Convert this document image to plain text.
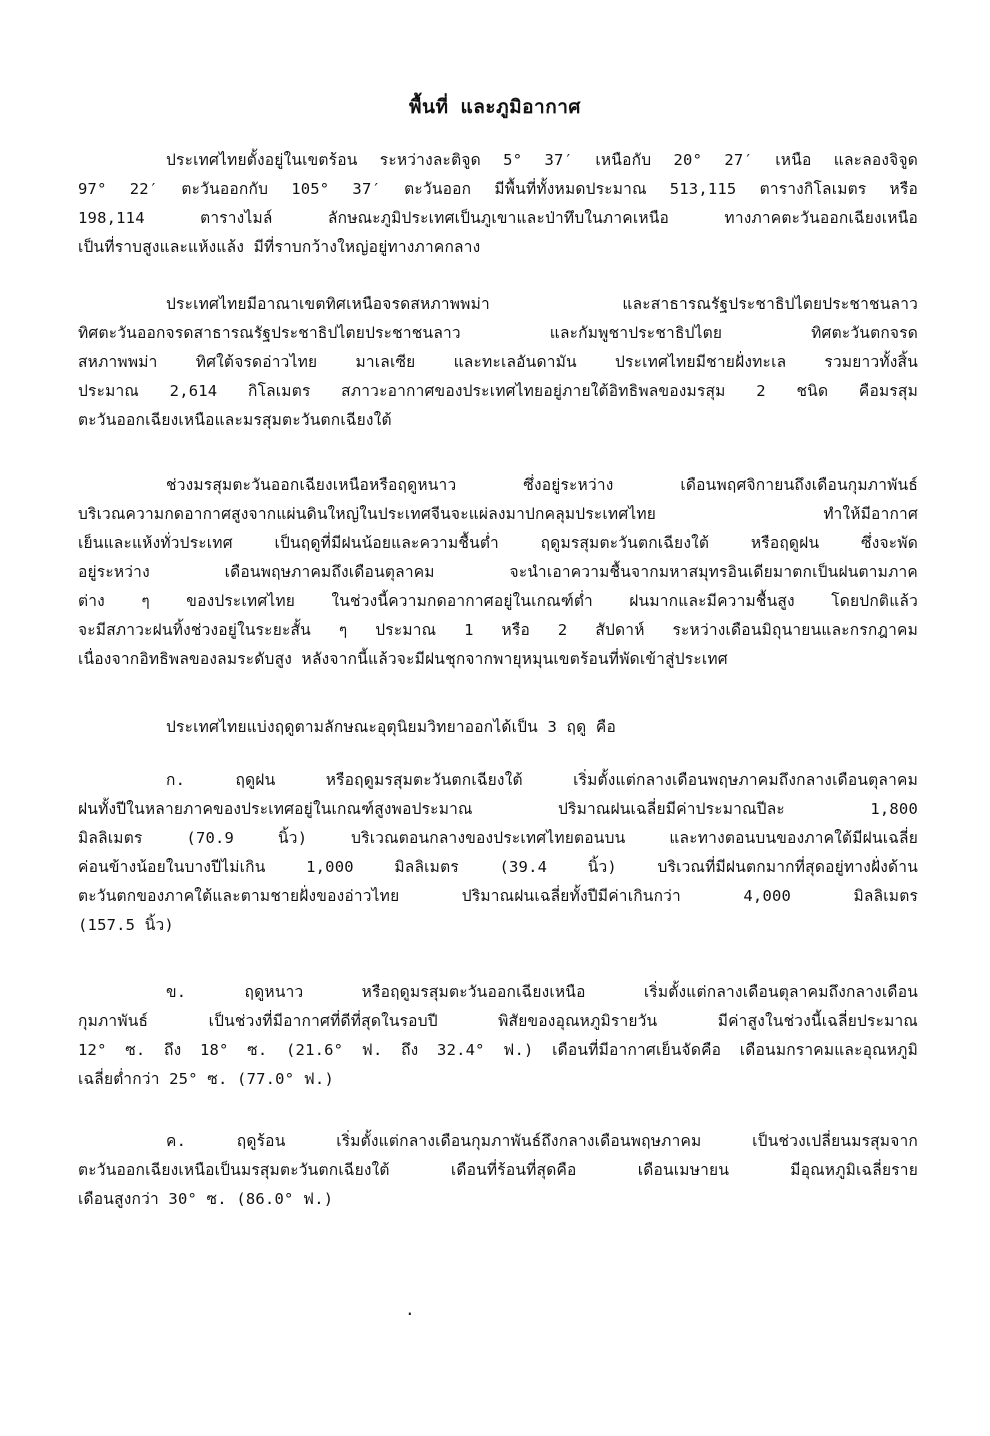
พื้นที่ และภูมิอากาศ
ประเทศไทยตั้งอยู่ในเขตร้อน ระหว่างละติจูด 5° 37′ เหนือกับ 20° 27′ เหนือ และลองจิจูด
97° 22′ ตะวันออกกับ 105° 37′ ตะวันออก มีพื้นที่ทั้งหมดประมาณ 513,115 ตารางกิโลเมตร หรือ
198,114 ตารางไมล์ ลักษณะภูมิประเทศเป็นภูเขาและป่าทึบในภาคเหนือ ทางภาคตะวันออกเฉียงเหนือ
เป็นที่ราบสูงและแห้งแล้ง มีที่ราบกว้างใหญ่อยู่ทางภาคกลาง
ประเทศไทยมีอาณาเขตทิศเหนือจรดสหภาพพม่า และสาธารณรัฐประชาธิปไตยประชาชนลาว
ทิศตะวันออกจรดสาธารณรัฐประชาธิปไตยประชาชนลาว และกัมพูชาประชาธิปไตย ทิศตะวันตกจรด
สหภาพพม่า ทิศใต้จรดอ่าวไทย มาเลเซีย และทะเลอันดามัน ประเทศไทยมีชายฝั่งทะเล รวมยาวทั้งสิ้น
ประมาณ 2,614 กิโลเมตร สภาวะอากาศของประเทศไทยอยู่ภายใต้อิทธิพลของมรสุม 2 ชนิด คือมรสุม
ตะวันออกเฉียงเหนือและมรสุมตะวันตกเฉียงใต้
ช่วงมรสุมตะวันออกเฉียงเหนือหรือฤดูหนาว ซึ่งอยู่ระหว่าง เดือนพฤศจิกายนถึงเดือนกุมภาพันธ์
บริเวณความกดอากาศสูงจากแผ่นดินใหญ่ในประเทศจีนจะแผ่ลงมาปกคลุมประเทศไทย ทำให้มีอากาศ
เย็นและแห้งทั่วประเทศ เป็นฤดูที่มีฝนน้อยและความชื้นต่ำ ฤดูมรสุมตะวันตกเฉียงใต้ หรือฤดูฝน ซึ่งจะพัด
อยู่ระหว่าง เดือนพฤษภาคมถึงเดือนตุลาคม จะนำเอาความชื้นจากมหาสมุทรอินเดียมาตกเป็นฝนตามภาค
ต่าง ๆ ของประเทศไทย ในช่วงนี้ความกดอากาศอยู่ในเกณฑ์ต่ำ ฝนมากและมีความชื้นสูง โดยปกติแล้ว
จะมีสภาวะฝนทิ้งช่วงอยู่ในระยะสั้น ๆ ประมาณ 1 หรือ 2 สัปดาห์ ระหว่างเดือนมิถุนายนและกรกฎาคม
เนื่องจากอิทธิพลของลมระดับสูง หลังจากนี้แล้วจะมีฝนชุกจากพายุหมุนเขตร้อนที่พัดเข้าสู่ประเทศ
ประเทศไทยแบ่งฤดูตามลักษณะอุตุนิยมวิทยาออกได้เป็น 3 ฤดู คือ
ก. ฤดูฝน หรือฤดูมรสุมตะวันตกเฉียงใต้ เริ่มตั้งแต่กลางเดือนพฤษภาคมถึงกลางเดือนตุลาคม
ฝนทั้งปีในหลายภาคของประเทศอยู่ในเกณฑ์สูงพอประมาณ ปริมาณฝนเฉลี่ยมีค่าประมาณปีละ 1,800
มิลลิเมตร (70.9 นิ้ว) บริเวณตอนกลางของประเทศไทยตอนบน และทางตอนบนของภาคใต้มีฝนเฉลี่ย
ค่อนข้างน้อยในบางปีไม่เกิน 1,000 มิลลิเมตร (39.4 นิ้ว) บริเวณที่มีฝนตกมากที่สุดอยู่ทางฝั่งด้าน
ตะวันตกของภาคใต้และตามชายฝั่งของอ่าวไทย ปริมาณฝนเฉลี่ยทั้งปีมีค่าเกินกว่า 4,000 มิลลิเมตร
(157.5 นิ้ว)
ข. ฤดูหนาว หรือฤดูมรสุมตะวันออกเฉียงเหนือ เริ่มตั้งแต่กลางเดือนตุลาคมถึงกลางเดือน
กุมภาพันธ์ เป็นช่วงที่มีอากาศที่ดีที่สุดในรอบปี พิสัยของอุณหภูมิรายวัน มีค่าสูงในช่วงนี้เฉลี่ยประมาณ
12° ซ. ถึง 18° ซ. (21.6° ฟ. ถึง 32.4° ฟ.) เดือนที่มีอากาศเย็นจัดคือ เดือนมกราคมและอุณหภูมิ
เฉลี่ยต่ำกว่า 25° ซ. (77.0° ฟ.)
ค. ฤดูร้อน เริ่มตั้งแต่กลางเดือนกุมภาพันธ์ถึงกลางเดือนพฤษภาคม เป็นช่วงเปลี่ยนมรสุมจาก
ตะวันออกเฉียงเหนือเป็นมรสุมตะวันตกเฉียงใต้ เดือนที่ร้อนที่สุดคือ เดือนเมษายน มีอุณหภูมิเฉลี่ยราย
เดือนสูงกว่า 30° ซ. (86.0° ฟ.)
.
